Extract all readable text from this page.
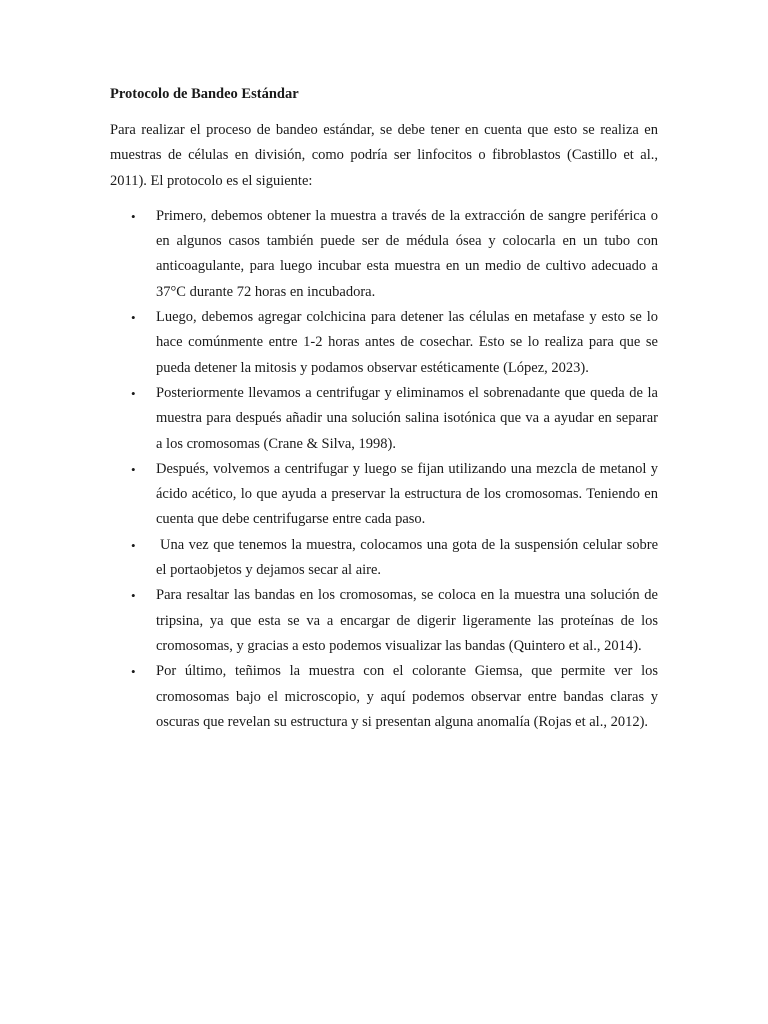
Protocolo de Bandeo Estándar

Para realizar el proceso de bandeo estándar, se debe tener en cuenta que esto se realiza en muestras de células en división, como podría ser linfocitos o fibroblastos (Castillo et al., 2011). El protocolo es el siguiente:

• Primero, debemos obtener la muestra a través de la extracción de sangre periférica o en algunos casos también puede ser de médula ósea y colocarla en un tubo con anticoagulante, para luego incubar esta muestra en un medio de cultivo adecuado a 37°C durante 72 horas en incubadora.
• Luego, debemos agregar colchicina para detener las células en metafase y esto se lo hace comúnmente entre 1-2 horas antes de cosechar. Esto se lo realiza para que se pueda detener la mitosis y podamos observar estéticamente (López, 2023).
• Posteriormente llevamos a centrifugar y eliminamos el sobrenadante que queda de la muestra para después añadir una solución salina isotónica que va a ayudar en separar a los cromosomas (Crane & Silva, 1998).
• Después, volvemos a centrifugar y luego se fijan utilizando una mezcla de metanol y ácido acético, lo que ayuda a preservar la estructura de los cromosomas. Teniendo en cuenta que debe centrifugarse entre cada paso.
• Una vez que tenemos la muestra, colocamos una gota de la suspensión celular sobre el portaobjetos y dejamos secar al aire.
• Para resaltar las bandas en los cromosomas, se coloca en la muestra una solución de tripsina, ya que esta se va a encargar de digerir ligeramente las proteínas de los cromosomas, y gracias a esto podemos visualizar las bandas (Quintero et al., 2014).
• Por último, teñimos la muestra con el colorante Giemsa, que permite ver los cromosomas bajo el microscopio, y aquí podemos observar entre bandas claras y oscuras que revelan su estructura y si presentan alguna anomalía (Rojas et al., 2012).
